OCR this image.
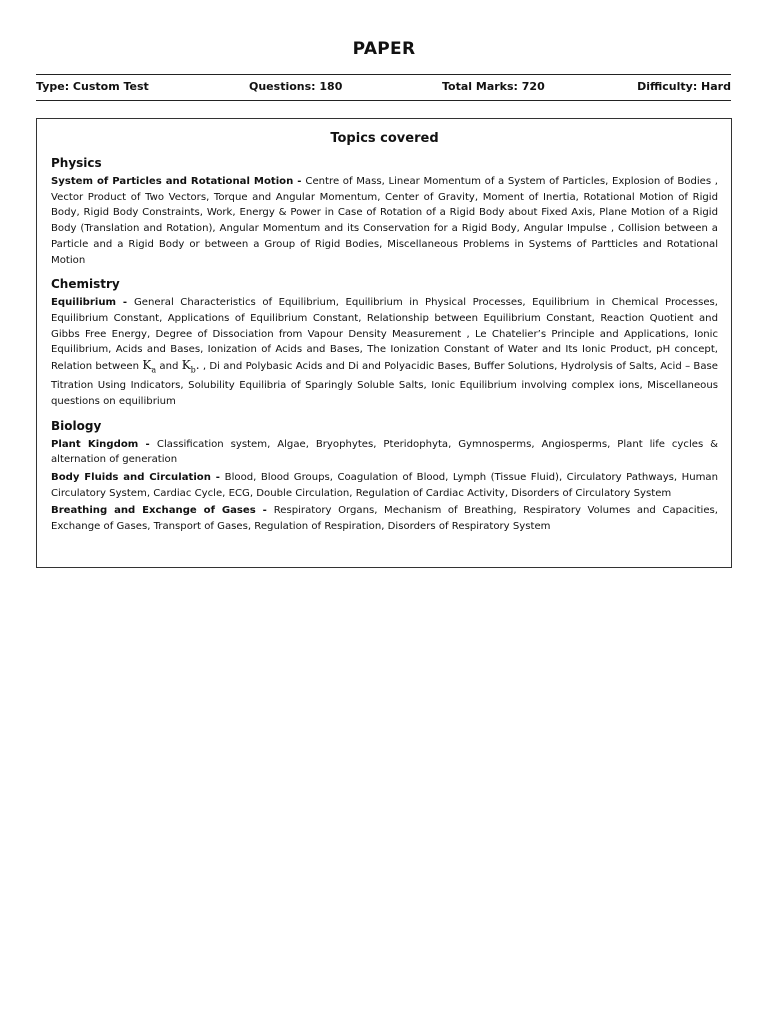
PAPER
Type: Custom Test	Questions: 180	Total Marks: 720	Difficulty: Hard
Topics covered
Physics

System of Particles and Rotational Motion - Centre of Mass, Linear Momentum of a System of Particles, Explosion of Bodies , Vector Product of Two Vectors, Torque and Angular Momentum, Center of Gravity, Moment of Inertia, Rotational Motion of Rigid Body, Rigid Body Constraints, Work, Energy & Power in Case of Rotation of a Rigid Body about Fixed Axis, Plane Motion of a Rigid Body (Translation and Rotation), Angular Momentum and its Conservation for a Rigid Body, Angular Impulse , Collision between a Particle and a Rigid Body or between a Group of Rigid Bodies, Miscellaneous Problems in Systems of Partticles and Rotational Motion

Chemistry

Equilibrium - General Characteristics of Equilibrium, Equilibrium in Physical Processes, Equilibrium in Chemical Processes, Equilibrium Constant, Applications of Equilibrium Constant, Relationship between Equilibrium Constant, Reaction Quotient and Gibbs Free Energy, Degree of Dissociation from Vapour Density Measurement , Le Chatelier’s Principle and Applications, Ionic Equilibrium, Acids and Bases, Ionization of Acids and Bases, The Ionization Constant of Water and Its Ionic Product, pH concept, Relation between $K_a$ and $K_b$. , Di and Polybasic Acids and Di and Polyacidic Bases, Buffer Solutions, Hydrolysis of Salts, Acid – Base Titration Using Indicators, Solubility Equilibria of Sparingly Soluble Salts, Ionic Equilibrium involving complex ions, Miscellaneous questions on equilibrium

Biology

Plant Kingdom - Classification system, Algae, Bryophytes, Pteridophyta, Gymnosperms, Angiosperms, Plant life cycles & alternation of generation

Body Fluids and Circulation - Blood, Blood Groups, Coagulation of Blood, Lymph (Tissue Fluid), Circulatory Pathways, Human Circulatory System, Cardiac Cycle, ECG, Double Circulation, Regulation of Cardiac Activity, Disorders of Circulatory System

Breathing and Exchange of Gases - Respiratory Organs, Mechanism of Breathing, Respiratory Volumes and Capacities, Exchange of Gases, Transport of Gases, Regulation of Respiration, Disorders of Respiratory System
